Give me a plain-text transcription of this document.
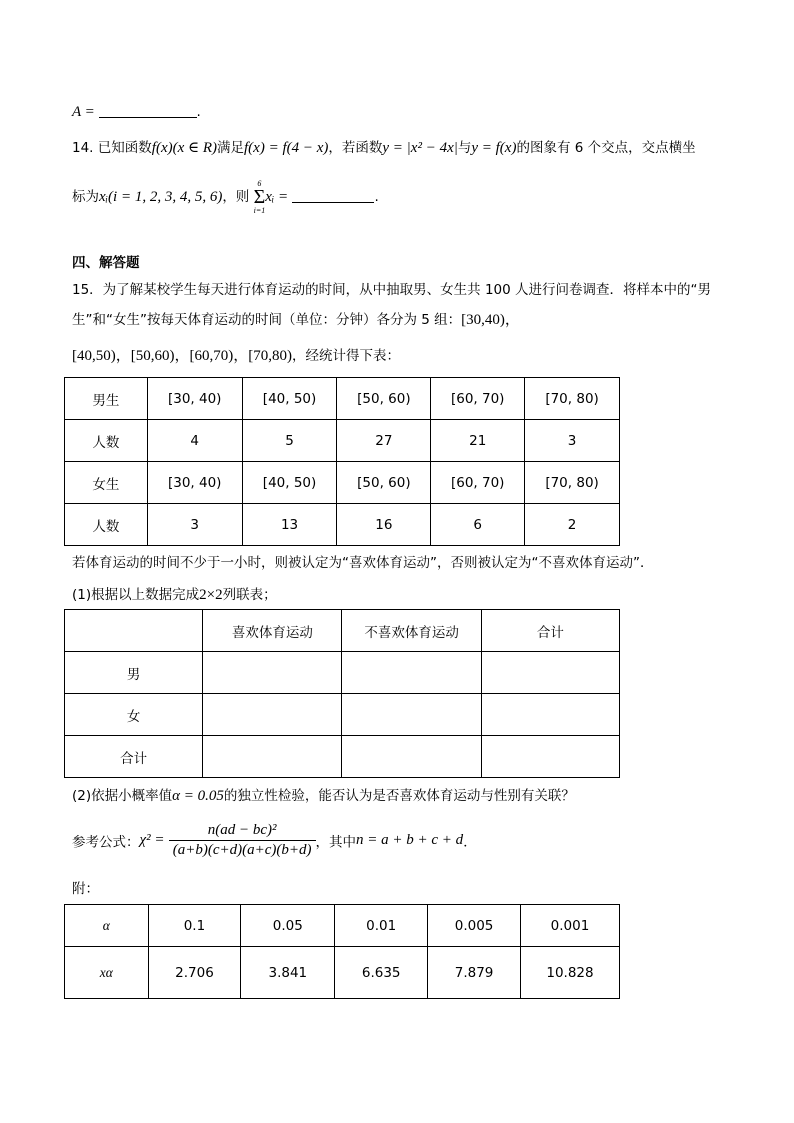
A =	.
14. 已知函数f(x)(x ∈ R)满足f(x) = f(4 − x)，若函数y = |x² − 4x|与y = f(x)的图象有 6 个交点，交点横坐
标为xᵢ(i = 1, 2, 3, 4, 5, 6)，则
6
Σ
i=1
xᵢ =	.
四、解答题
15．为了解某校学生每天进行体育运动的时间，从中抽取男、女生共 100 人进行问卷调查．将样本中的“男
生”和“女生”按每天体育运动的时间（单位：分钟）各分为 5 组：[30,40)，
[40,50)，[50,60)，[60,70)，[70,80)，经统计得下表：
男生	[30, 40)	[40, 50)	[50, 60)	[60, 70)	[70, 80)
人数	4	5	27	21	3
女生	[30, 40)	[40, 50)	[50, 60)	[60, 70)	[70, 80)
人数	3	13	16	6	2
若体育运动的时间不少于一小时，则被认定为“喜欢体育运动”，否则被认定为“不喜欢体育运动”．
(1)根据以上数据完成2×2列联表；
	喜欢体育运动	不喜欢体育运动	合计
男			
女			
合计			
(2)依据小概率值α = 0.05的独立性检验，能否认为是否喜欢体育运动与性别有关联？
参考公式：$\chi^2 = \frac{\text{n(ad − bc)²}}{(a+b)(c+d)(a+c)(b+d)}$ ，其中n = a + b + c + d．
附：
α	0.1	0.05	0.01	0.005	0.001
xα	2.706	3.841	6.635	7.879	10.828
